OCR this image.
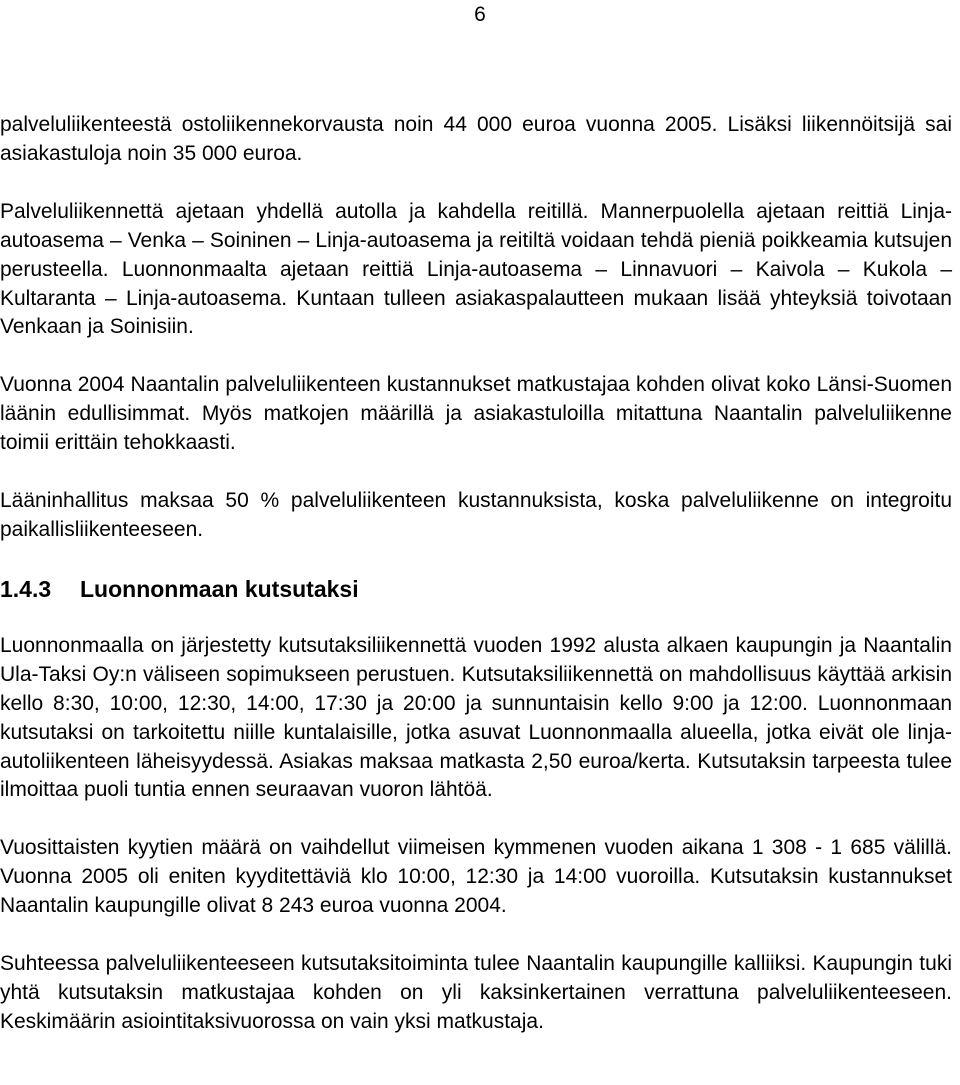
6

palveluliikenteestä ostoliikennekorvausta noin 44 000 euroa vuonna 2005. Lisäksi liikennöitsijä sai asiakastuloja noin 35 000 euroa.

Palveluliikennettä ajetaan yhdellä autolla ja kahdella reitillä. Mannerpuolella ajetaan reittiä Linja-autoasema – Venka – Soininen – Linja-autoasema ja reitiltä voidaan tehdä pieniä poikkeamia kutsujen perusteella. Luonnonmaalta ajetaan reittiä Linja-autoasema – Linnavuori – Kaivola – Kukola – Kultaranta – Linja-autoasema. Kuntaan tulleen asiakaspalautteen mukaan lisää yhteyksiä toivotaan Venkaan ja Soinisiin.

Vuonna 2004 Naantalin palveluliikenteen kustannukset matkustajaa kohden olivat koko Länsi-Suomen läänin edullisimmat. Myös matkojen määrillä ja asiakastuloilla mitattuna Naantalin palveluliikenne toimii erittäin tehokkaasti.

Lääninhallitus maksaa 50 % palveluliikenteen kustannuksista, koska palveluliikenne on integroitu paikallisliikenteeseen.

1.4.3 Luonnonmaan kutsutaksi

Luonnonmaalla on järjestetty kutsutaksiliikennettä vuoden 1992 alusta alkaen kaupungin ja Naantalin Ula-Taksi Oy:n väliseen sopimukseen perustuen. Kutsutaksiliikennettä on mahdollisuus käyttää arkisin kello 8:30, 10:00, 12:30, 14:00, 17:30 ja 20:00 ja sunnuntaisin kello 9:00 ja 12:00. Luonnonmaan kutsutaksi on tarkoitettu niille kuntalaisille, jotka asuvat Luonnonmaalla alueella, jotka eivät ole linja-autoliikenteen läheisyydessä. Asiakas maksaa matkasta 2,50 euroa/kerta. Kutsutaksin tarpeesta tulee ilmoittaa puoli tuntia ennen seuraavan vuoron lähtöä.

Vuosittaisten kyytien määrä on vaihdellut viimeisen kymmenen vuoden aikana 1 308 - 1 685 välillä. Vuonna 2005 oli eniten kyyditettäviä klo 10:00, 12:30 ja 14:00 vuoroilla. Kutsutaksin kustannukset Naantalin kaupungille olivat 8 243 euroa vuonna 2004.

Suhteessa palveluliikenteeseen kutsutaksitoiminta tulee Naantalin kaupungille kalliiksi. Kaupungin tuki yhtä kutsutaksin matkustajaa kohden on yli kaksinkertainen verrattuna palveluliikenteeseen. Keskimäärin asiointitaksivuorossa on vain yksi matkustaja.
